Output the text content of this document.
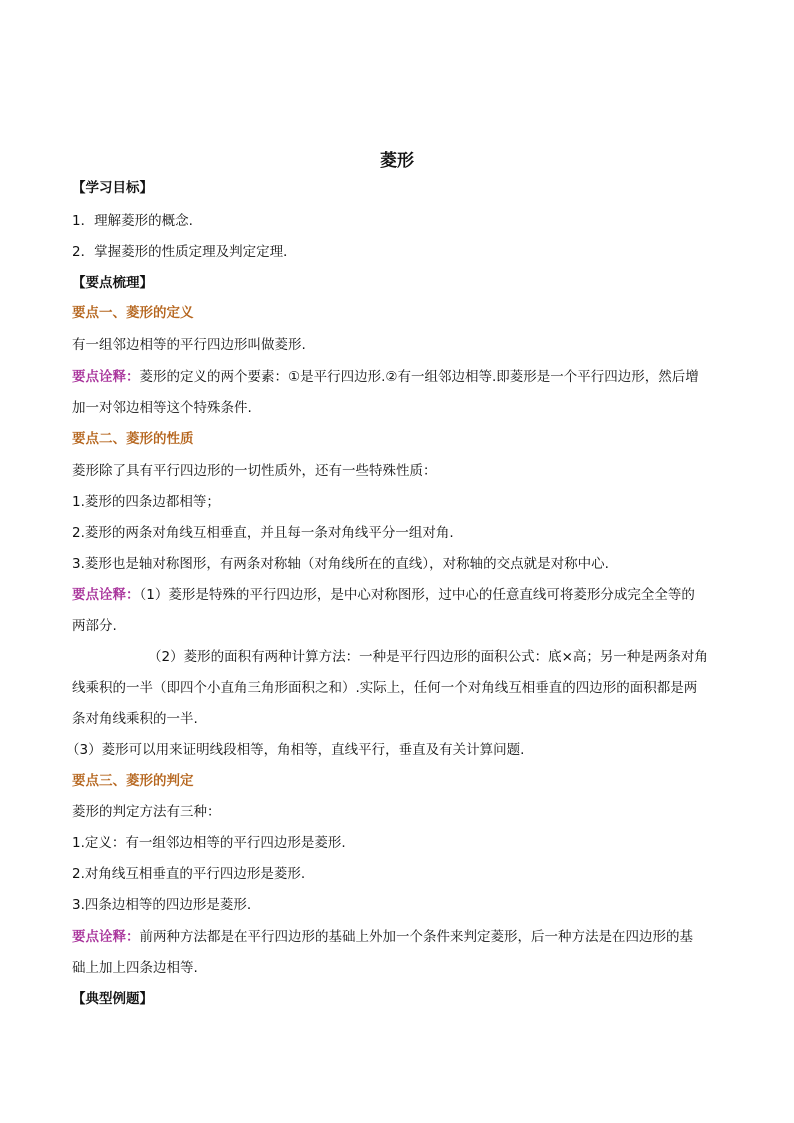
菱形
【学习目标】
1．理解菱形的概念.
2．掌握菱形的性质定理及判定定理．
【要点梳理】
要点一、菱形的定义
有一组邻边相等的平行四边形叫做菱形.
要点诠释：菱形的定义的两个要素：①是平行四边形.②有一组邻边相等.即菱形是一个平行四边形，然后增
加一对邻边相等这个特殊条件.
要点二、菱形的性质
菱形除了具有平行四边形的一切性质外，还有一些特殊性质：
1.菱形的四条边都相等；
2.菱形的两条对角线互相垂直，并且每一条对角线平分一组对角.
3.菱形也是轴对称图形，有两条对称轴（对角线所在的直线），对称轴的交点就是对称中心.
要点诠释：（1）菱形是特殊的平行四边形，是中心对称图形，过中心的任意直线可将菱形分成完全全等的
两部分.
（2）菱形的面积有两种计算方法：一种是平行四边形的面积公式：底×高；另一种是两条对角
线乘积的一半（即四个小直角三角形面积之和）.实际上，任何一个对角线互相垂直的四边形的面积都是两
条对角线乘积的一半.
（3）菱形可以用来证明线段相等，角相等，直线平行，垂直及有关计算问题.
要点三、菱形的判定
菱形的判定方法有三种：
1.定义：有一组邻边相等的平行四边形是菱形.
2.对角线互相垂直的平行四边形是菱形.
3.四条边相等的四边形是菱形.
要点诠释：前两种方法都是在平行四边形的基础上外加一个条件来判定菱形，后一种方法是在四边形的基
础上加上四条边相等.
【典型例题】
